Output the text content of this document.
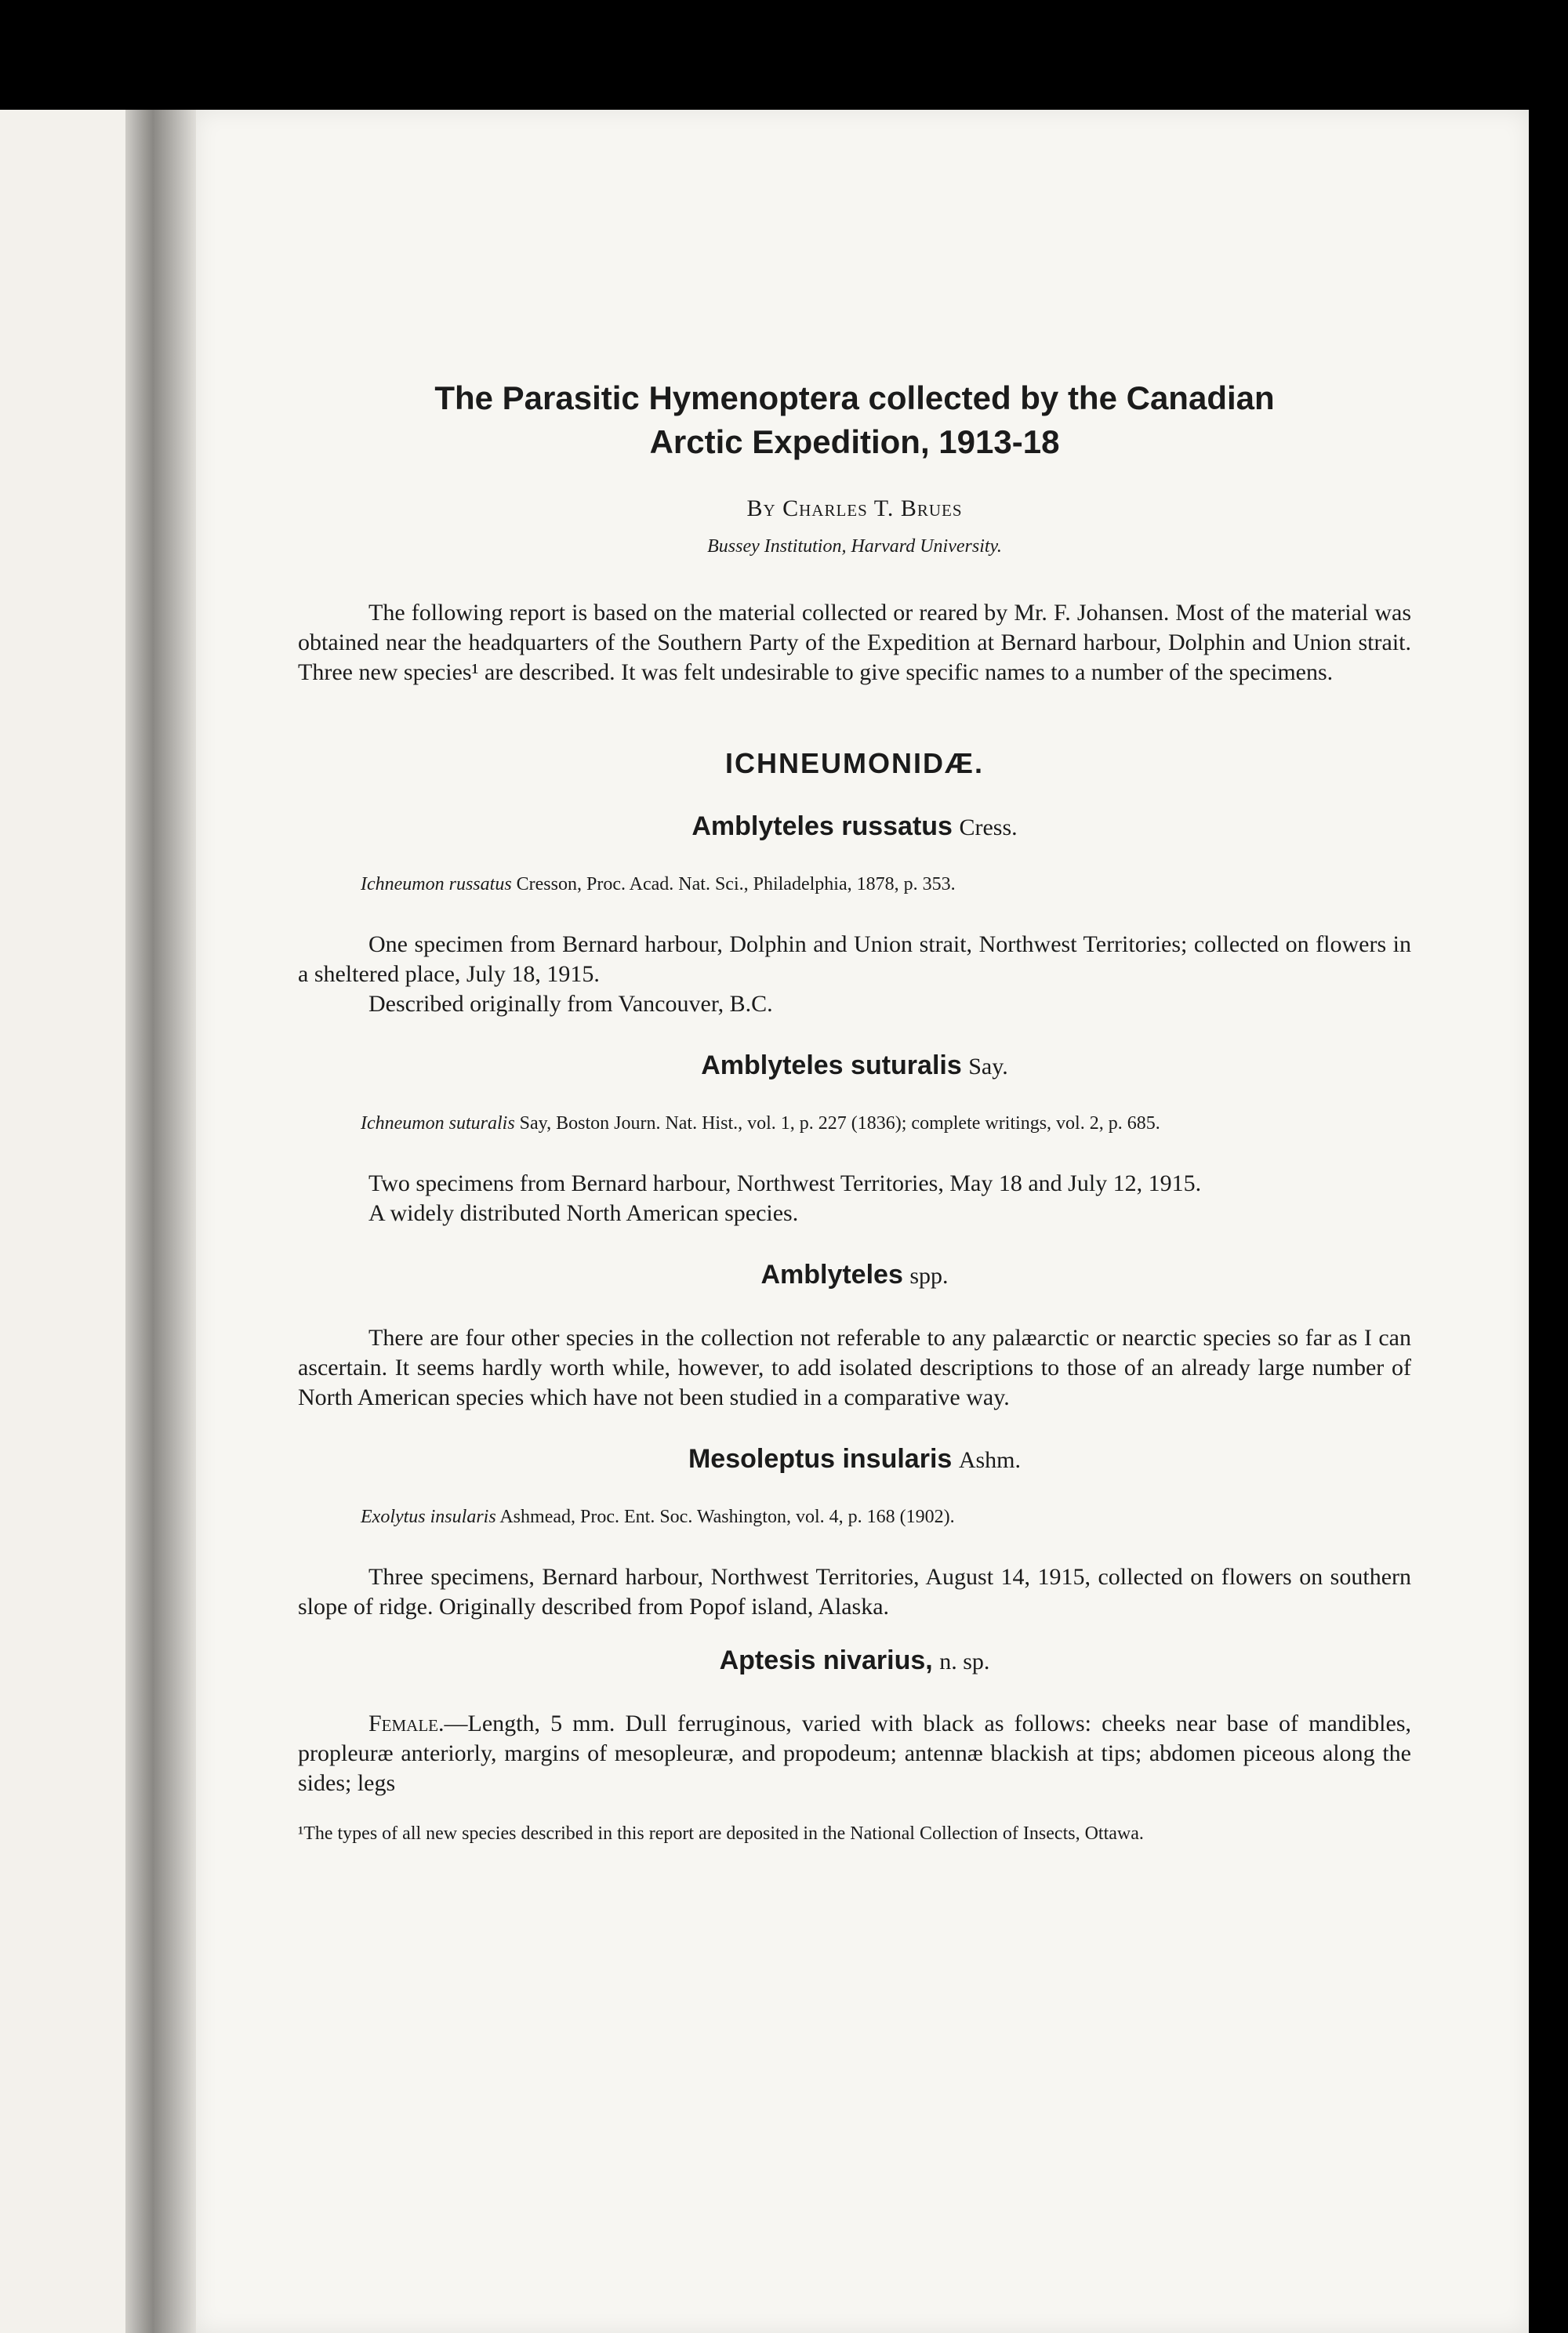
The Parasitic Hymenoptera collected by the Canadian
Arctic Expedition, 1913-18
By Charles T. Brues
Bussey Institution, Harvard University.

The following report is based on the material collected or reared by Mr. F. Johansen. Most of the material was obtained near the headquarters of the Southern Party of the Expedition at Bernard harbour, Dolphin and Union strait. Three new species¹ are described. It was felt undesirable to give specific names to a number of the specimens.

ICHNEUMONIDÆ.
Amblyteles russatus Cress.
Ichneumon russatus Cresson, Proc. Acad. Nat. Sci., Philadelphia, 1878, p. 353.

One specimen from Bernard harbour, Dolphin and Union strait, Northwest Territories; collected on flowers in a sheltered place, July 18, 1915.

Described originally from Vancouver, B.C.

Amblyteles suturalis Say.
Ichneumon suturalis Say, Boston Journ. Nat. Hist., vol. 1, p. 227 (1836); complete writings, vol. 2, p. 685.

Two specimens from Bernard harbour, Northwest Territories, May 18 and July 12, 1915.

A widely distributed North American species.

Amblyteles spp.

There are four other species in the collection not referable to any palæarctic or nearctic species so far as I can ascertain. It seems hardly worth while, however, to add isolated descriptions to those of an already large number of North American species which have not been studied in a comparative way.

Mesoleptus insularis Ashm.
Exolytus insularis Ashmead, Proc. Ent. Soc. Washington, vol. 4, p. 168 (1902).

Three specimens, Bernard harbour, Northwest Territories, August 14, 1915, collected on flowers on southern slope of ridge. Originally described from Popof island, Alaska.

Aptesis nivarius, n. sp.

Female.—Length, 5 mm. Dull ferruginous, varied with black as follows: cheeks near base of mandibles, propleuræ anteriorly, margins of mesopleuræ, and propodeum; antennæ blackish at tips; abdomen piceous along the sides; legs

¹The types of all new species described in this report are deposited in the National Collection of Insects, Ottawa.
